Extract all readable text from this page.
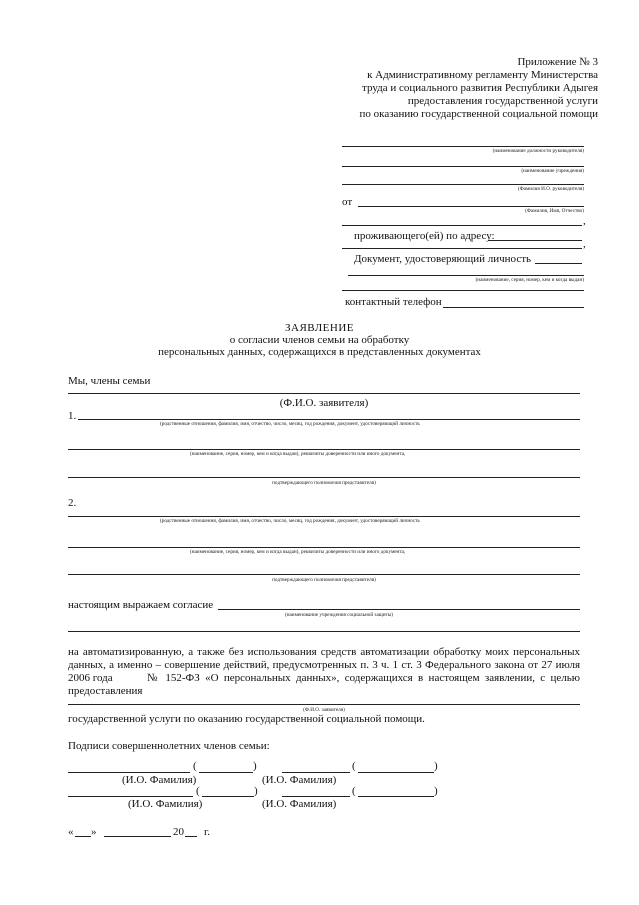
Приложение № 3
к Административному регламенту Министерства
труда и социального развития Республики Адыгея
предоставления государственной услуги
по оказанию государственной социальной помощи
(наименование должности руководителя)
(наименование учреждения)
(Фамилия И.О. руководителя)
от
(Фамилия, Имя, Отчество)
,
проживающего(ей) по адресу:
,
Документ, удостоверяющий личность
(наименование, серия, номер, кем и когда выдан)
контактный телефон
ЗАЯВЛЕНИЕ
о согласии членов семьи на обработку
персональных данных, содержащихся в представленных документах
Мы, члены семьи
(Ф.И.О. заявителя)
1.
(родственные отношения, фамилия, имя, отчество, число, месяц, год рождения, документ, удостоверяющий личность
(наименование, серия, номер, кем и когда выдан), реквизиты доверенности или иного документа,
подтверждающего полномочия представителя)
2.
(родственные отношения, фамилия, имя, отчество, число, месяц, год рождения, документ, удостоверяющий личность
(наименование, серия, номер, кем и когда выдан), реквизиты доверенности или иного документа,
подтверждающего полномочия представителя)
настоящим выражаем согласие
(наименование учреждения социальной защиты)
на автоматизированную, а также без использования средств автоматизации обработку моих персональных
данных, а именно – совершение действий, предусмотренных п. 3 ч. 1 ст. 3 Федерального закона от 27 июля
2006 года	№ 152-ФЗ «О персональных данных», содержащихся в настоящем заявлении, с целью
предоставления
(Ф.И.О. заявителя)
государственной услуги по оказанию государственной социальной помощи.
Подписи совершеннолетних членов семьи:
(	)	(	)
(И.О. Фамилия)	(И.О. Фамилия)
(	)	(	)
(И.О. Фамилия)	(И.О. Фамилия)
« »	20 г.
